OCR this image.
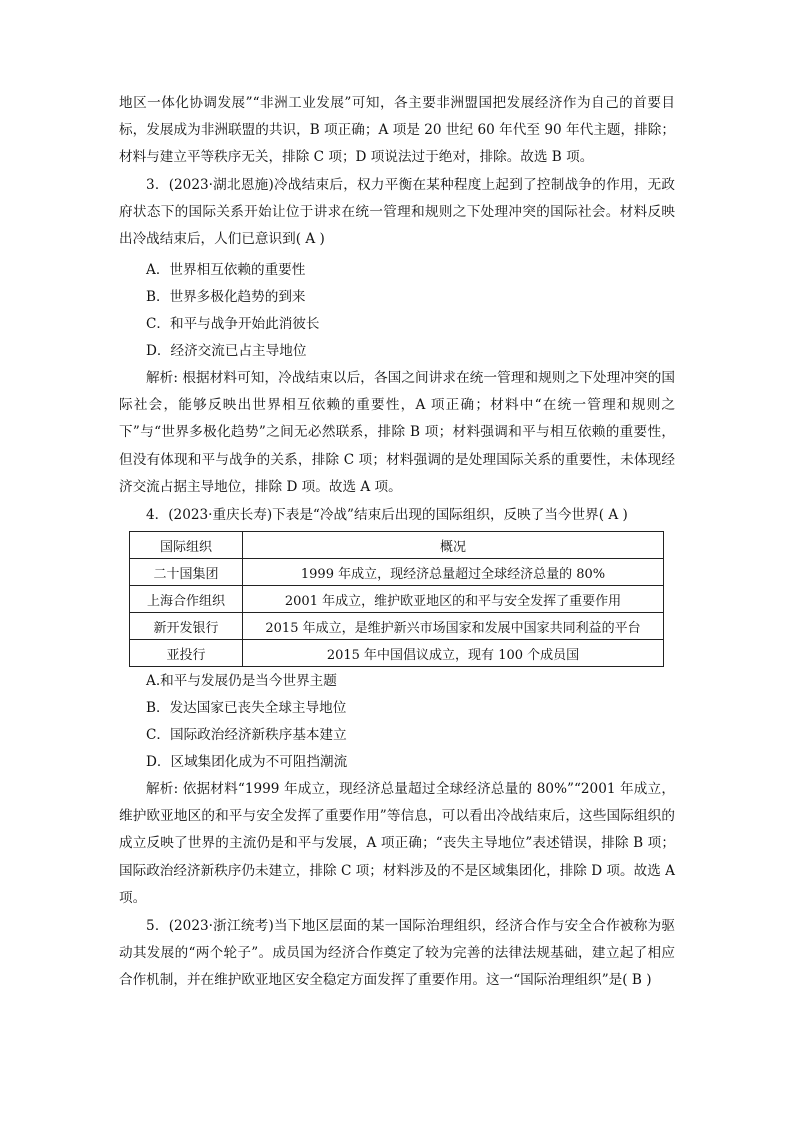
地区一体化协调发展”“非洲工业发展”可知，各主要非洲盟国把发展经济作为自己的首要目标，发展成为非洲联盟的共识，B 项正确；A 项是 20 世纪 60 年代至 90 年代主题，排除；材料与建立平等秩序无关，排除 C 项；D 项说法过于绝对，排除。故选 B 项。
3．(2023·湖北恩施)冷战结束后，权力平衡在某种程度上起到了控制战争的作用，无政府状态下的国际关系开始让位于讲求在统一管理和规则之下处理冲突的国际社会。材料反映出冷战结束后，人们已意识到( A )
A．世界相互依赖的重要性
B．世界多极化趋势的到来
C．和平与战争开始此消彼长
D．经济交流已占主导地位
解析: 根据材料可知，冷战结束以后，各国之间讲求在统一管理和规则之下处理冲突的国际社会，能够反映出世界相互依赖的重要性，A 项正确；材料中“在统一管理和规则之下”与“世界多极化趋势”之间无必然联系，排除 B 项；材料强调和平与相互依赖的重要性，但没有体现和平与战争的关系，排除 C 项；材料强调的是处理国际关系的重要性，未体现经济交流占据主导地位，排除 D 项。故选 A 项。
4．(2023·重庆长寿)下表是“冷战”结束后出现的国际组织，反映了当今世界( A )
国际组织	概况
二十国集团	1999 年成立，现经济总量超过全球经济总量的 80%
上海合作组织	2001 年成立，维护欧亚地区的和平与安全发挥了重要作用
新开发银行	2015 年成立，是维护新兴市场国家和发展中国家共同利益的平台
亚投行	2015 年中国倡议成立，现有 100 个成员国
A.和平与发展仍是当今世界主题
B．发达国家已丧失全球主导地位
C．国际政治经济新秩序基本建立
D．区域集团化成为不可阻挡潮流
解析: 依据材料“1999 年成立，现经济总量超过全球经济总量的 80%”“2001 年成立，维护欧亚地区的和平与安全发挥了重要作用”等信息，可以看出冷战结束后，这些国际组织的成立反映了世界的主流仍是和平与发展，A 项正确；“丧失主导地位”表述错误，排除 B 项；国际政治经济新秩序仍未建立，排除 C 项；材料涉及的不是区域集团化，排除 D 项。故选 A 项。
5．(2023·浙江统考)当下地区层面的某一国际治理组织，经济合作与安全合作被称为驱动其发展的“两个轮子”。成员国为经济合作奠定了较为完善的法律法规基础，建立起了相应合作机制，并在维护欧亚地区安全稳定方面发挥了重要作用。这一“国际治理组织”是( B )
